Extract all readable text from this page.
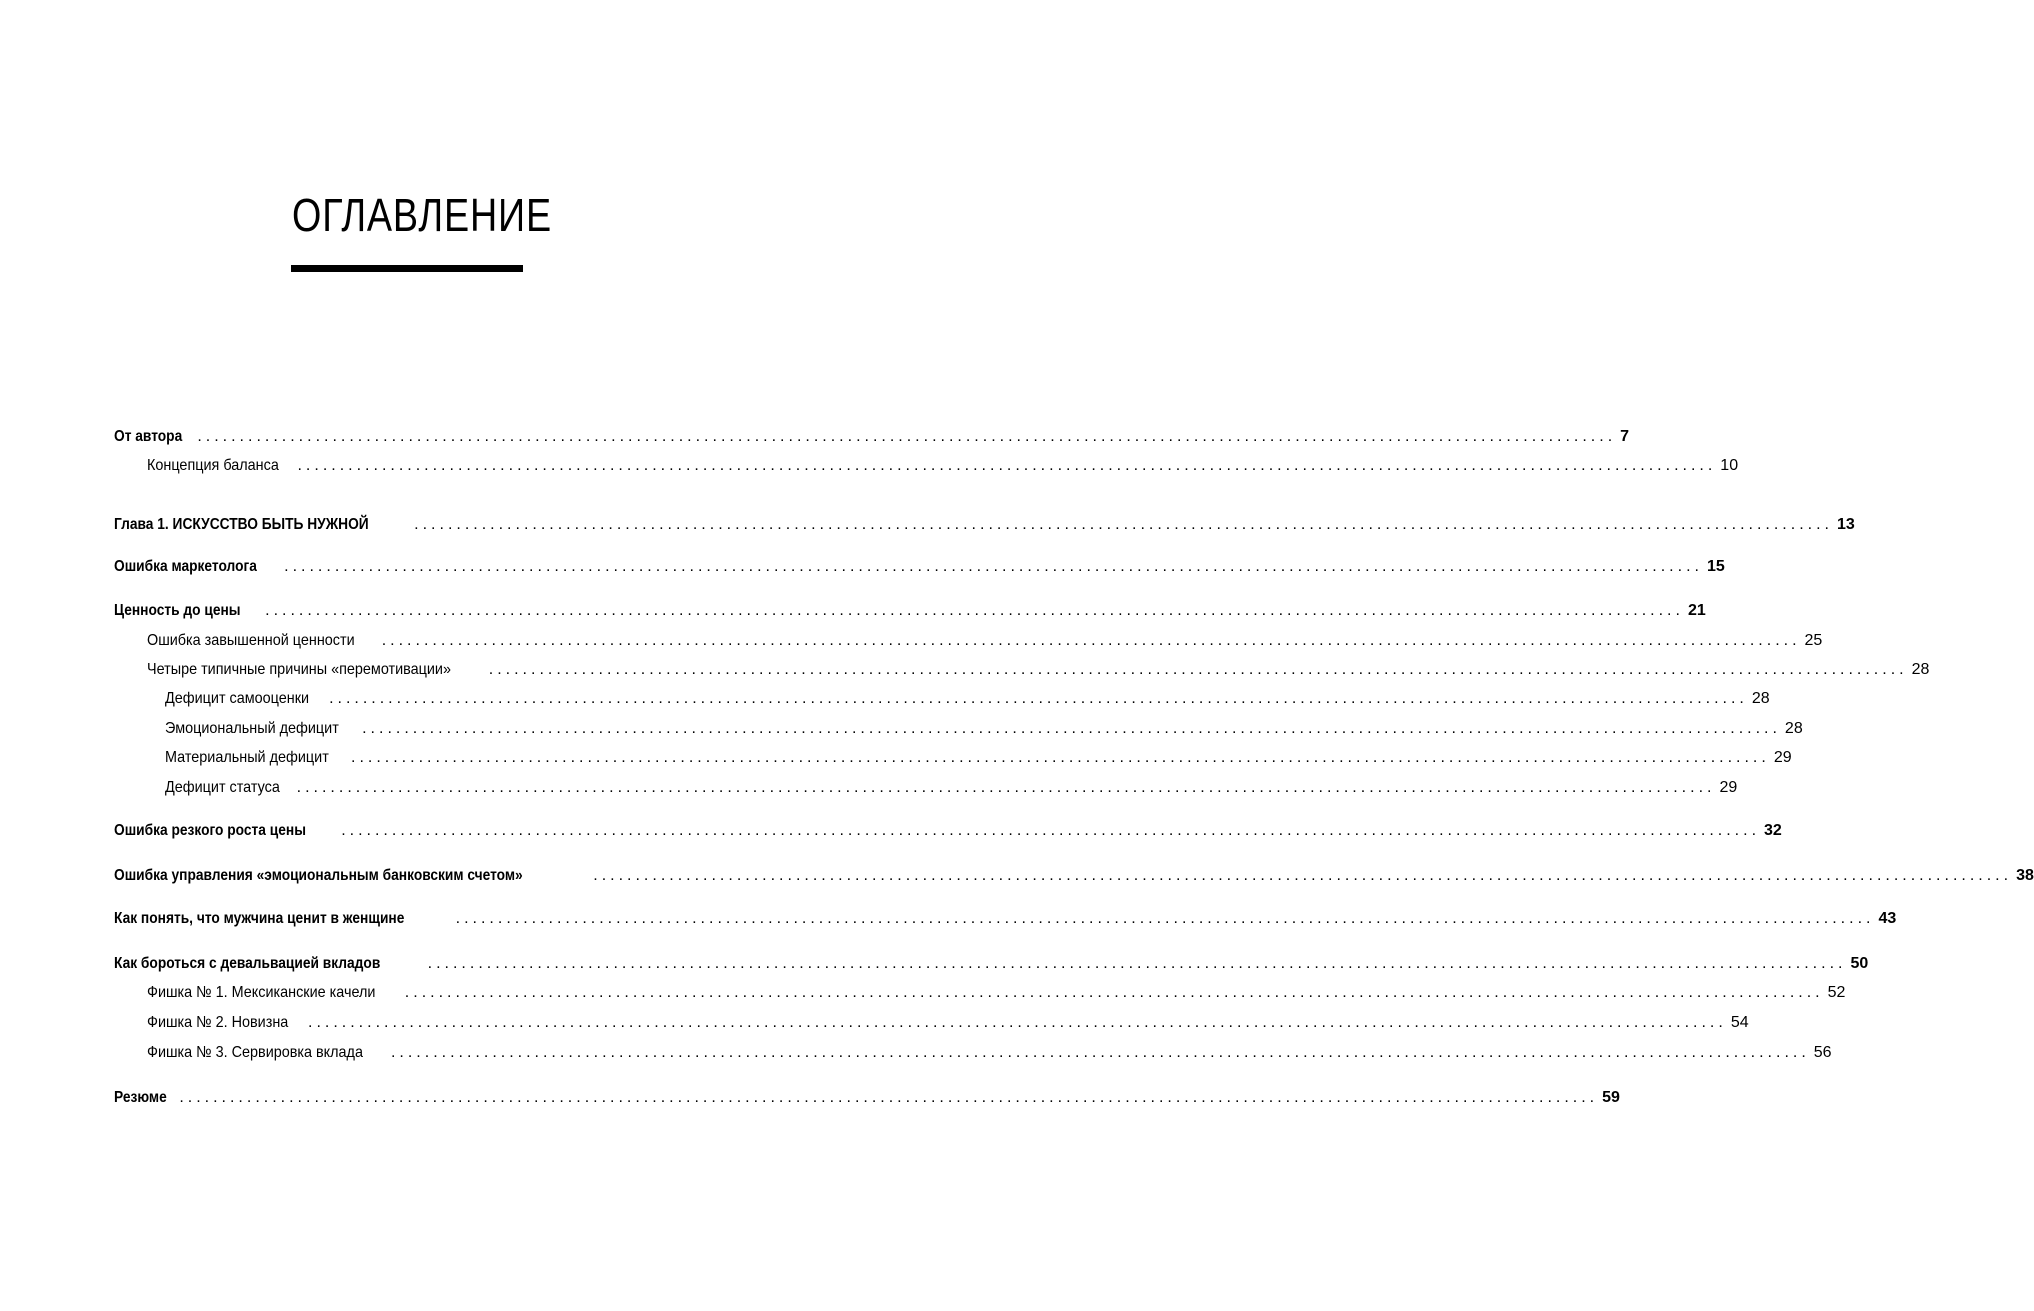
ОГЛАВЛЕНИЕ
От автора ........................................................................................................................................................................ 7
Концепция баланса ........................................................................................................................................................................ 10
Глава 1. ИСКУССТВО БЫТЬ НУЖНОЙ	........................................................................................................................................................................ 13
Ошибка маркетолога ........................................................................................................................................................................ 15
Ценность до цены ........................................................................................................................................................................ 21
Ошибка завышенной ценности ........................................................................................................................................................................ 25
Четыре типичные причины «перемотивации» ........................................................................................................................................................................ 28
Дефицит самооценки ........................................................................................................................................................................ 28
Эмоциональный дефицит ........................................................................................................................................................................ 28
Материальный дефицит ........................................................................................................................................................................ 29
Дефицит статуса ........................................................................................................................................................................ 29
Ошибка резкого роста цены ........................................................................................................................................................................ 32
Ошибка управления «эмоциональным банковским счетом»	........................................................................................................................................................................ 38
Как понять, что мужчина ценит в женщине	........................................................................................................................................................................ 43
Как бороться с девальвацией вкладов	........................................................................................................................................................................ 50
Фишка № 1. Мексиканские качели ........................................................................................................................................................................ 52
Фишка № 2. Новизна ........................................................................................................................................................................ 54
Фишка № 3. Сервировка вклада ........................................................................................................................................................................ 56
Резюме ........................................................................................................................................................................ 59
